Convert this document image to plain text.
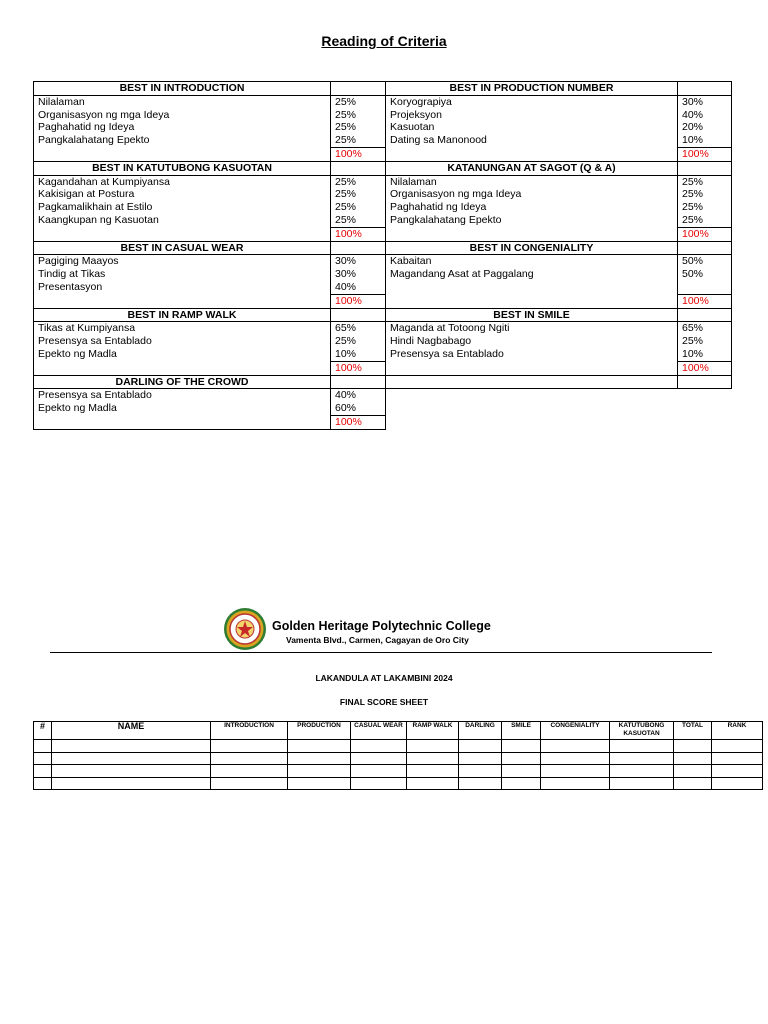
Reading of Criteria
BEST IN INTRODUCTION		BEST IN PRODUCTION NUMBER	
Nilalaman	25%	Koryograpiya	30%
Organisasyon ng mga Ideya	25%	Projeksyon	40%
Paghahatid ng Ideya	25%	Kasuotan	20%
Pangkalahatang Epekto	25%	Dating sa Manonood	10%
	100%		100%
BEST IN KATUTUBONG KASUOTAN		KATANUNGAN AT SAGOT (Q & A)	
Kagandahan at Kumpiyansa	25%	Nilalaman	25%
Kakisigan at Postura	25%	Organisasyon ng mga Ideya	25%
Pagkamalikhain at Estilo	25%	Paghahatid ng Ideya	25%
Kaangkupan ng Kasuotan	25%	Pangkalahatang Epekto	25%
	100%		100%
BEST IN CASUAL WEAR		BEST IN CONGENIALITY	
Pagiging Maayos	30%	Kabaitan	50%
Tindig at Tikas	30%	Magandang Asat at Paggalang	50%
Presentasyon	40%		
	100%		100%
BEST IN RAMP WALK		BEST IN SMILE	
Tikas at Kumpiyansa	65%	Maganda at Totoong Ngiti	65%
Presensya sa Entablado	25%	Hindi Nagbabago	25%
Epekto ng Madla	10%	Presensya sa Entablado	10%
	100%		100%
DARLING OF THE CROWD			
Presensya sa Entablado	40%		
Epekto ng Madla	60%		
	100%		
Golden Heritage Polytechnic College
Vamenta Blvd., Carmen, Cagayan de Oro City
LAKANDULA AT LAKAMBINI 2024
FINAL SCORE SHEET
#	NAME	INTRODUCTION	PRODUCTION	CASUAL WEAR	RAMP WALK	DARLING	SMILE	CONGENIALITY	KATUTUBONG KASUOTAN	TOTAL	RANK
